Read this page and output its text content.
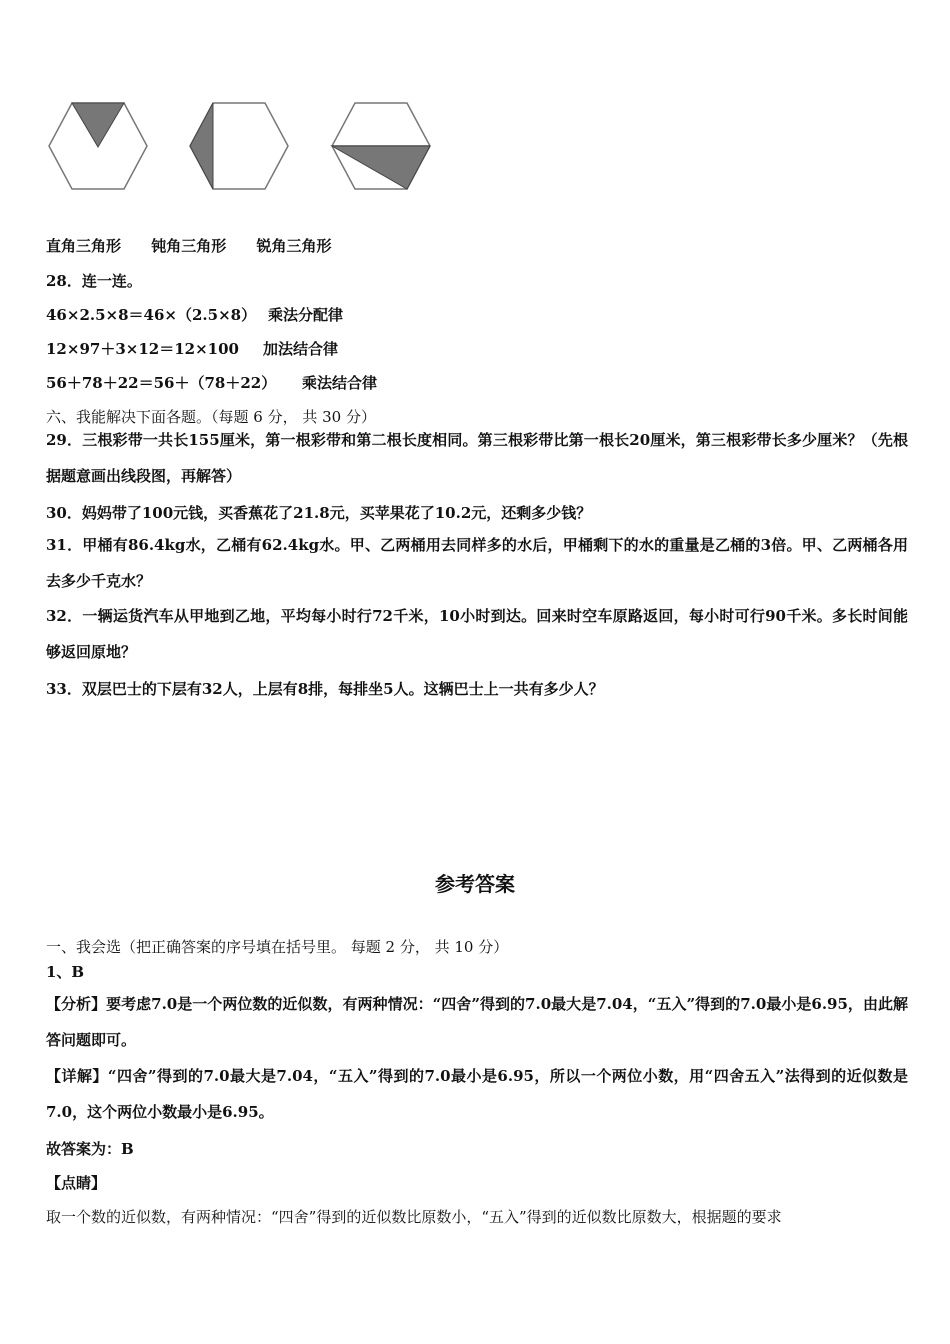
直角三角形 钝角三角形 锐角三角形
28．连一连。
46×2.5×8＝46×（2.5×8） 乘法分配律
12×97＋3×12＝12×100 加法结合律
56＋78＋22＝56＋（78＋22） 乘法结合律
六、我能解决下面各题。（每题 6 分， 共 30 分）
29．三根彩带一共长155厘米，第一根彩带和第二根长度相同。第三根彩带比第一根长20厘米，第三根彩带长多少厘米？（先根据题意画出线段图，再解答）
30．妈妈带了100元钱，买香蕉花了21.8元，买苹果花了10.2元，还剩多少钱？
31．甲桶有86.4kg水，乙桶有62.4kg水。甲、乙两桶用去同样多的水后，甲桶剩下的水的重量是乙桶的3倍。甲、乙两桶各用去多少千克水？
32．一辆运货汽车从甲地到乙地，平均每小时行72千米，10小时到达。回来时空车原路返回，每小时可行90千米。多长时间能够返回原地？
33．双层巴士的下层有32人，上层有8排，每排坐5人。这辆巴士上一共有多少人？
参考答案
一、我会选（把正确答案的序号填在括号里。 每题 2 分， 共 10 分）
1、B
【分析】要考虑7.0是一个两位数的近似数，有两种情况：“四舍”得到的7.0最大是7.04，“五入”得到的7.0最小是6.95，由此解答问题即可。
【详解】“四舍”得到的7.0最大是7.04，“五入”得到的7.0最小是6.95，所以一个两位小数，用“四舍五入”法得到的近似数是7.0，这个两位小数最小是6.95。
故答案为：B
【点睛】
取一个数的近似数，有两种情况：“四舍”得到的近似数比原数小，“五入”得到的近似数比原数大，根据题的要求
